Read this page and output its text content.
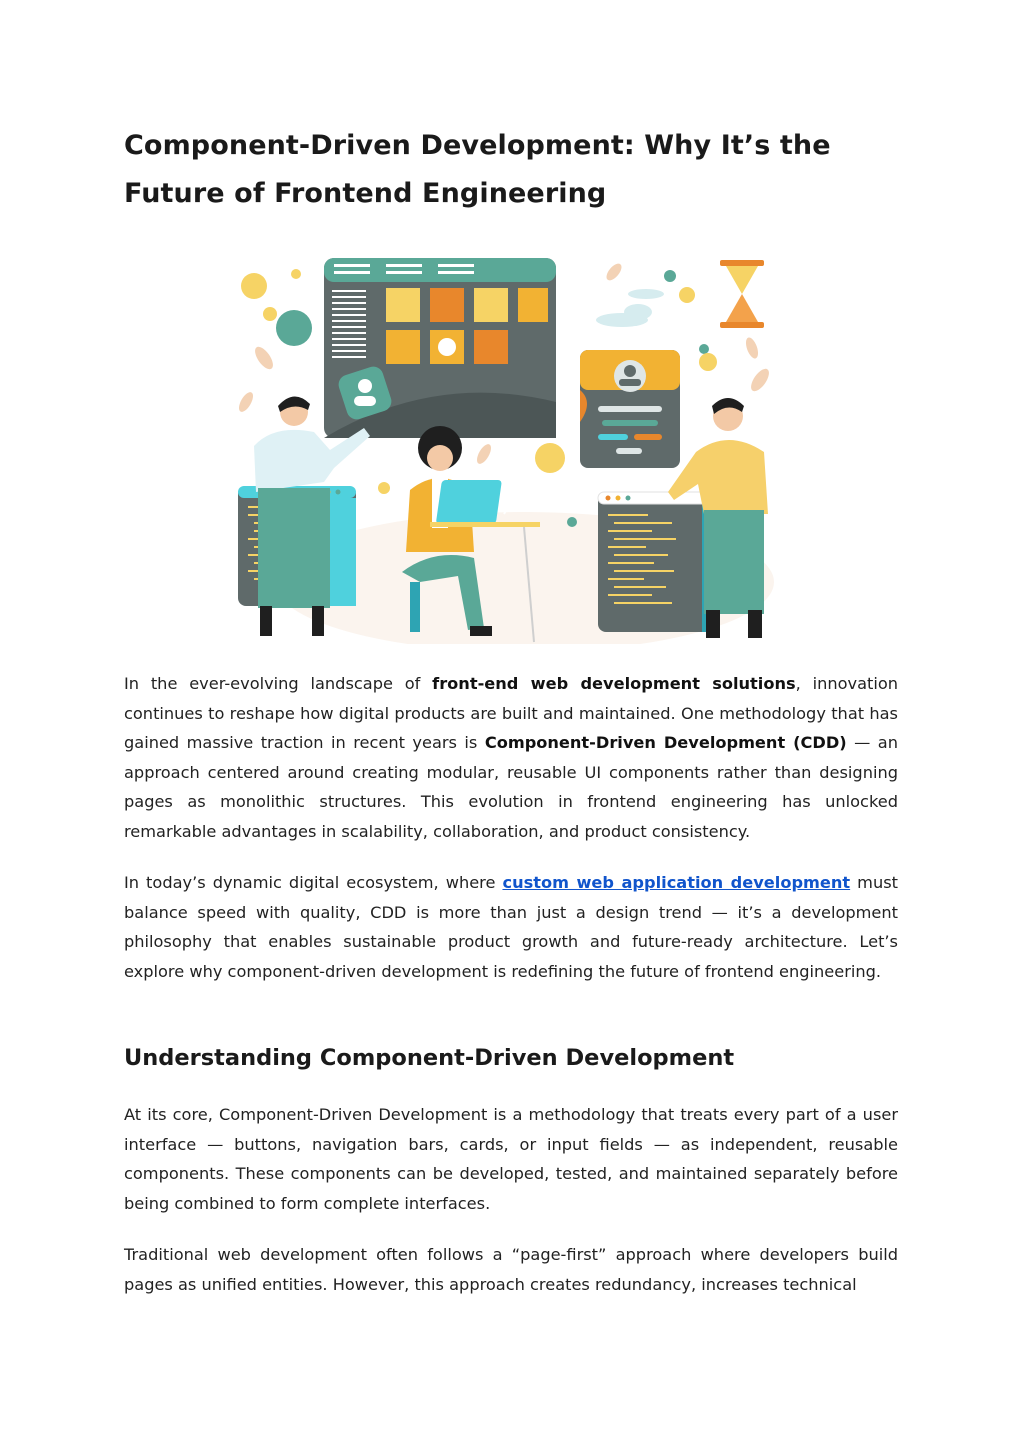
Component-Driven Development: Why It’s the Future of Frontend Engineering

In the ever-evolving landscape of front-end web development solutions, innovation continues to reshape how digital products are built and maintained. One methodology that has gained massive traction in recent years is Component-Driven Development (CDD) — an approach centered around creating modular, reusable UI components rather than designing pages as monolithic structures. This evolution in frontend engineering has unlocked remarkable advantages in scalability, collaboration, and product consistency.

In today’s dynamic digital ecosystem, where custom web application development must balance speed with quality, CDD is more than just a design trend — it’s a development philosophy that enables sustainable product growth and future-ready architecture. Let’s explore why component-driven development is redefining the future of frontend engineering.

Understanding Component-Driven Development

At its core, Component-Driven Development is a methodology that treats every part of a user interface — buttons, navigation bars, cards, or input fields — as independent, reusable components. These components can be developed, tested, and maintained separately before being combined to form complete interfaces.

Traditional web development often follows a “page-first” approach where developers build pages as unified entities. However, this approach creates redundancy, increases technical
